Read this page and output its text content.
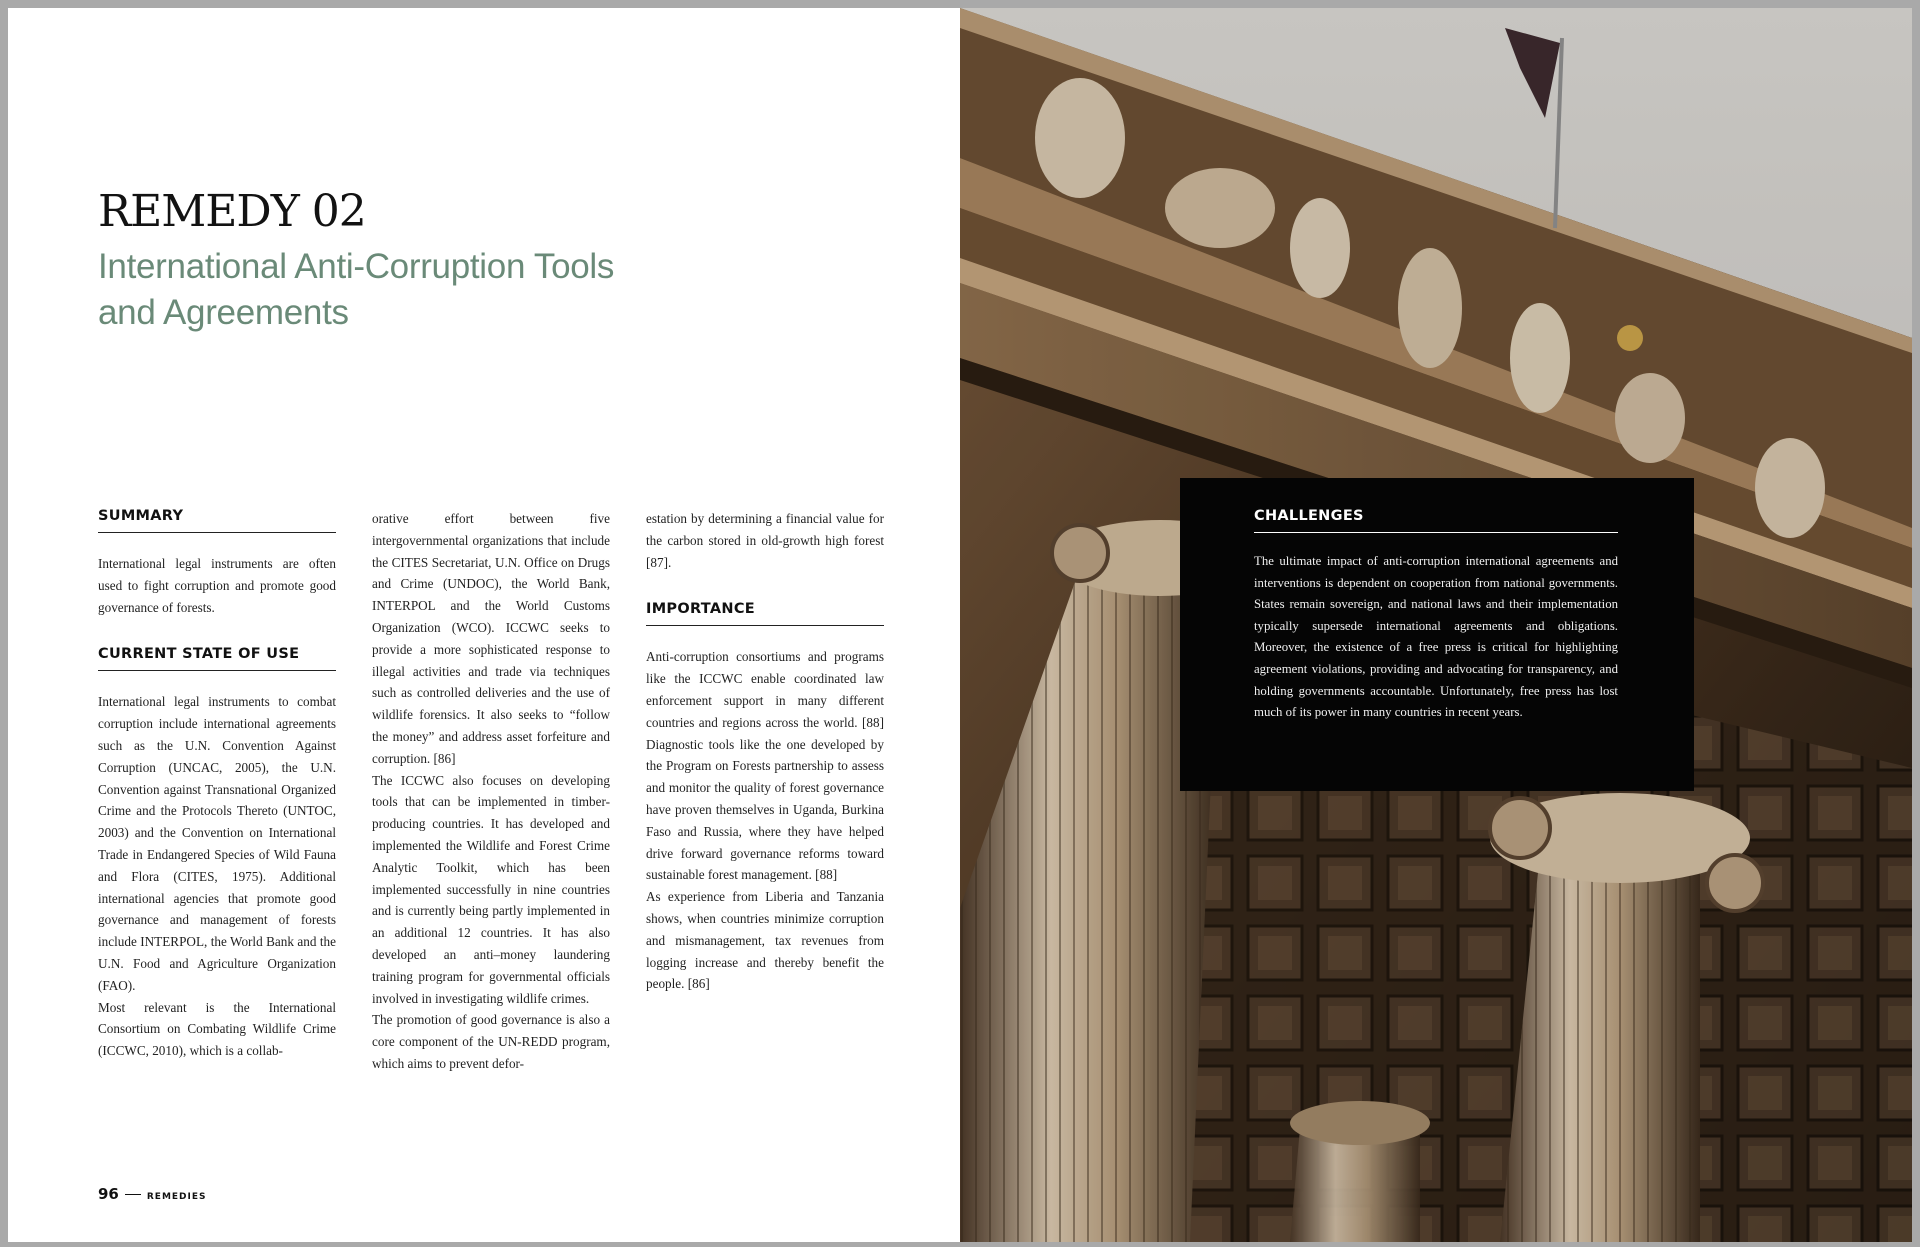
REMEDY 02
International Anti-Corruption Tools and Agreements
SUMMARY

International legal instruments are often used to fight corruption and promote good governance of forests.

CURRENT STATE OF USE

International legal instruments to combat corruption include international agreements such as the U.N. Convention Against Corruption (UNCAC, 2005), the U.N. Convention against Transnational Organized Crime and the Protocols Thereto (UNTOC, 2003) and the Convention on International Trade in Endangered Species of Wild Fauna and Flora (CITES, 1975). Additional international agencies that promote good governance and management of forests include INTERPOL, the World Bank and the U.N. Food and Agriculture Organization (FAO).

Most relevant is the International Consortium on Combating Wildlife Crime (ICCWC, 2010), which is a collab-

orative effort between five intergovernmental organizations that include the CITES Secretariat, U.N. Office on Drugs and Crime (UNDOC), the World Bank, INTERPOL and the World Customs Organization (WCO). ICCWC seeks to provide a more sophisticated response to illegal activities and trade via techniques such as controlled deliveries and the use of wildlife forensics. It also seeks to “follow the money” and address asset forfeiture and corruption. [86]

The ICCWC also focuses on developing tools that can be implemented in timber-producing countries. It has developed and implemented the Wildlife and Forest Crime Analytic Toolkit, which has been implemented successfully in nine countries and is currently being partly implemented in an additional 12 countries. It has also developed an anti–money laundering training program for governmental officials involved in investigating wildlife crimes.

The promotion of good governance is also a core component of the UN-REDD program, which aims to prevent defor-

estation by determining a financial value for the carbon stored in old-growth high forest [87].

IMPORTANCE

Anti-corruption consortiums and programs like the ICCWC enable coordinated law enforcement support in many different countries and regions across the world. [88] Diagnostic tools like the one developed by the Program on Forests partnership to assess and monitor the quality of forest governance have proven themselves in Uganda, Burkina Faso and Russia, where they have helped drive forward governance reforms toward sustainable forest management. [88]

As experience from Liberia and Tanzania shows, when countries minimize corruption and mismanagement, tax revenues from logging increase and thereby benefit the people. [86]

96	REMEDIES
CHALLENGES

The ultimate impact of anti-corruption international agreements and interventions is dependent on cooperation from national governments. States remain sovereign, and national laws and their implementation typically supersede international agreements and obligations. Moreover, the existence of a free press is critical for highlighting agreement violations, providing and advocating for transparency, and holding governments accountable. Unfortunately, free press has lost much of its power in many countries in recent years.
